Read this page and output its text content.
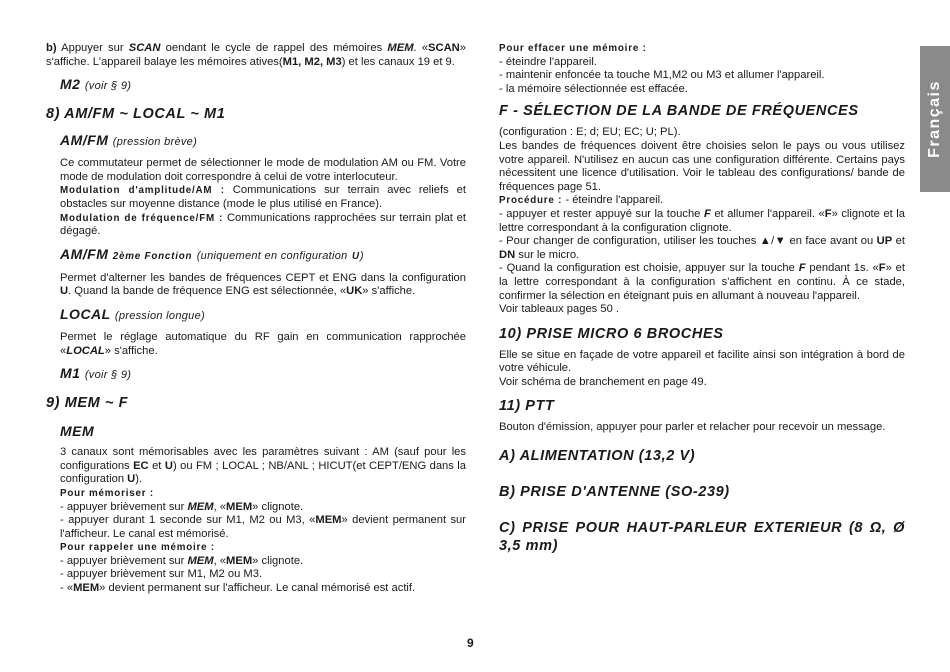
b) Appuyer sur SCAN oendant le cycle de rappel des mémoires MEM. «SCAN» s'affiche. L'appareil balaye les mémoires atives(M1, M2, M3) et les canaux 19 et 9.

M2 (voir § 9)

8) AM/FM ~ LOCAL ~ M1

AM/FM (pression brève)

Ce commutateur permet de sélectionner le mode de modulation AM ou FM. Votre mode de modulation doit correspondre à celui de votre interlocuteur.

Modulation d'amplitude/AM : Communications sur terrain avec reliefs et obstacles sur moyenne distance (mode le plus utilisé en France).

Modulation de fréquence/FM : Communications rapprochées sur terrain plat et dégagé.

AM/FM 2ème Fonction (uniquement en configuration U)

Permet d'alterner les bandes de fréquences CEPT et ENG dans la configuration U. Quand la bande de fréquence ENG est sélectionnée, «UK» s'affiche.

LOCAL (pression longue)

Permet le réglage automatique du RF gain en communication rapprochée «LOCAL» s'affiche.

M1 (voir § 9)

9) MEM ~ F

MEM

3 canaux sont mémorisables avec les paramètres suivant : AM (sauf pour les configurations EC et U) ou FM ; LOCAL ; NB/ANL ; HICUT(et CEPT/ENG dans la configuration U).

Pour mémoriser :

- appuyer brièvement sur MEM, «MEM» clignote.

- appuyer durant 1 seconde sur M1, M2 ou M3, «MEM» devient permanent sur l'afficheur. Le canal est mémorisé.

Pour rappeler une mémoire :

- appuyer brièvement sur MEM, «MEM» clignote.

- appuyer brièvement sur M1, M2 ou M3.

- «MEM» devient permanent sur l'afficheur. Le canal mémorisé est actif.

Pour effacer une mémoire :

- éteindre l'appareil.

- maintenir enfoncée ta touche M1,M2 ou M3 et allumer l'appareil.

- la mémoire sélectionnée est effacée.

F - SÉLECTION DE LA BANDE DE FRÉQUENCES

(configuration : E; d; EU; EC; U; PL).

Les bandes de fréquences doivent être choisies selon le pays ou vous utilisez votre appareil. N'utilisez en aucun cas une configuration différente. Certains pays nécessitent une licence d'utilisation. Voir le tableau des configurations/ bande de fréquences page 51.

Procédure : - éteindre l'appareil.

- appuyer et rester appuyé sur la touche F et allumer l'appareil. «F» clignote et la lettre correspondant à la configuration clignote.

- Pour changer de configuration, utiliser les touches ▲/▼ en face avant ou UP et DN sur le micro.

- Quand la configuration est choisie, appuyer sur la touche F pendant 1s. «F» et la lettre correspondant à la configuration s'affichent en continu. À ce stade, confirmer la sélection en éteignant puis en allumant à nouveau l'appareil.

Voir tableaux pages 50 .

10) PRISE MICRO 6 BROCHES

Elle se situe en façade de votre appareil et facilite ainsi son intégration à bord de votre véhicule.

Voir schéma de branchement en page 49.

11) PTT

Bouton d'émission, appuyer pour parler et relacher pour recevoir un message.

A) ALIMENTATION (13,2 V)

B) PRISE D'ANTENNE (SO-239)

C) PRISE POUR HAUT-PARLEUR EXTERIEUR (8 Ω, Ø 3,5 mm)

Français
9
